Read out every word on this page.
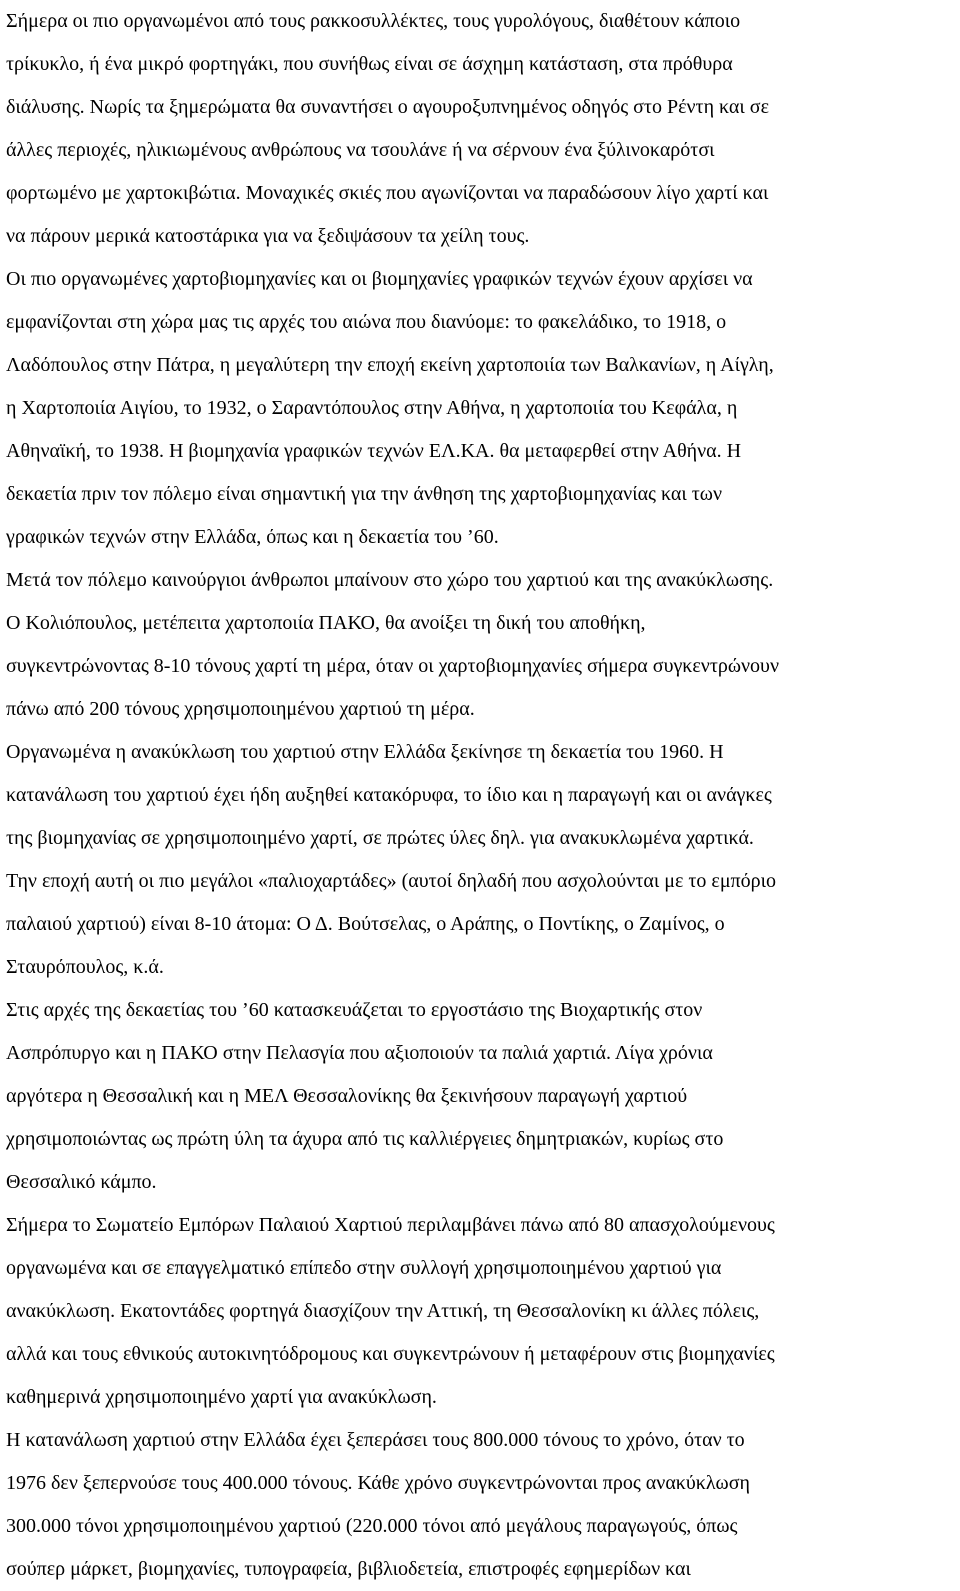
Σήμερα οι πιο οργανωμένοι από τους ρακκοσυλλέκτες, τους γυρολόγους, διαθέτουν κάποιο
τρίκυκλο, ή ένα μικρό φορτηγάκι, που συνήθως είναι σε άσχημη κατάσταση, στα πρόθυρα
διάλυσης. Νωρίς τα ξημερώματα θα συναντήσει ο αγουροξυπνημένος οδηγός στο Ρέντη και σε
άλλες περιοχές, ηλικιωμένους ανθρώπους να τσουλάνε ή να σέρνουν ένα ξύλινοκαρότσι
φορτωμένο με χαρτοκιβώτια. Μοναχικές σκιές που αγωνίζονται να παραδώσουν λίγο χαρτί και
να πάρουν μερικά κατοστάρικα για να ξεδιψάσουν τα χείλη τους.
Οι πιο οργανωμένες χαρτοβιομηχανίες και οι βιομηχανίες γραφικών τεχνών έχουν αρχίσει να
εμφανίζονται στη χώρα μας τις αρχές του αιώνα που διανύομε: το φακελάδικο, το 1918, ο
Λαδόπουλος στην Πάτρα, η μεγαλύτερη την εποχή εκείνη χαρτοποιία των Βαλκανίων, η Αίγλη,
η Χαρτοποιία Αιγίου, το 1932, ο Σαραντόπουλος στην Αθήνα, η χαρτοποιία του Κεφάλα, η
Αθηναϊκή, το 1938. Η βιομηχανία γραφικών τεχνών ΕΛ.ΚΑ. θα μεταφερθεί στην Αθήνα. Η
δεκαετία πριν τον πόλεμο είναι σημαντική για την άνθηση της χαρτοβιομηχανίας και των
γραφικών τεχνών στην Ελλάδα, όπως και η δεκαετία του ’60.
Μετά τον πόλεμο καινούργιοι άνθρωποι μπαίνουν στο χώρο του χαρτιού και της ανακύκλωσης.
Ο Κολιόπουλος, μετέπειτα χαρτοποιία ΠΑΚΟ, θα ανοίξει τη δική του αποθήκη,
συγκεντρώνοντας 8-10 τόνους χαρτί τη μέρα, όταν οι χαρτοβιομηχανίες σήμερα συγκεντρώνουν
πάνω από 200 τόνους χρησιμοποιημένου χαρτιού τη μέρα.
Οργανωμένα η ανακύκλωση του χαρτιού στην Ελλάδα ξεκίνησε τη δεκαετία του 1960. Η
κατανάλωση του χαρτιού έχει ήδη αυξηθεί κατακόρυφα, το ίδιο και η παραγωγή και οι ανάγκες
της βιομηχανίας σε χρησιμοποιημένο χαρτί, σε πρώτες ύλες δηλ. για ανακυκλωμένα χαρτικά.
Την εποχή αυτή οι πιο μεγάλοι «παλιοχαρτάδες» (αυτοί δηλαδή που ασχολούνται με το εμπόριο
παλαιού χαρτιού) είναι 8-10 άτομα: Ο Δ. Βούτσελας, ο Αράπης, ο Ποντίκης, ο Ζαμίνος, ο
Σταυρόπουλος, κ.ά.
Στις αρχές της δεκαετίας του ’60 κατασκευάζεται το εργοστάσιο της Βιοχαρτικής στον
Ασπρόπυργο και η ΠΑΚΟ στην Πελασγία που αξιοποιούν τα παλιά χαρτιά. Λίγα χρόνια
αργότερα η Θεσσαλική και η ΜΕΛ Θεσσαλονίκης θα ξεκινήσουν παραγωγή χαρτιού
χρησιμοποιώντας ως πρώτη ύλη τα άχυρα από τις καλλιέργειες δημητριακών, κυρίως στο
Θεσσαλικό κάμπο.
Σήμερα το Σωματείο Εμπόρων Παλαιού Χαρτιού περιλαμβάνει πάνω από 80 απασχολούμενους
οργανωμένα και σε επαγγελματικό επίπεδο στην συλλογή χρησιμοποιημένου χαρτιού για
ανακύκλωση. Εκατοντάδες φορτηγά διασχίζουν την Αττική, τη Θεσσαλονίκη κι άλλες πόλεις,
αλλά και τους εθνικούς αυτοκινητόδρομους και συγκεντρώνουν ή μεταφέρουν στις βιομηχανίες
καθημερινά χρησιμοποιημένο χαρτί για ανακύκλωση.
Η κατανάλωση χαρτιού στην Ελλάδα έχει ξεπεράσει τους 800.000 τόνους το χρόνο, όταν το
1976 δεν ξεπερνούσε τους 400.000 τόνους. Κάθε χρόνο συγκεντρώνονται προς ανακύκλωση
300.000 τόνοι χρησιμοποιημένου χαρτιού (220.000 τόνοι από μεγάλους παραγωγούς, όπως
σούπερ μάρκετ, βιομηχανίες, τυπογραφεία, βιβλιοδετεία, επιστροφές εφημερίδων και
